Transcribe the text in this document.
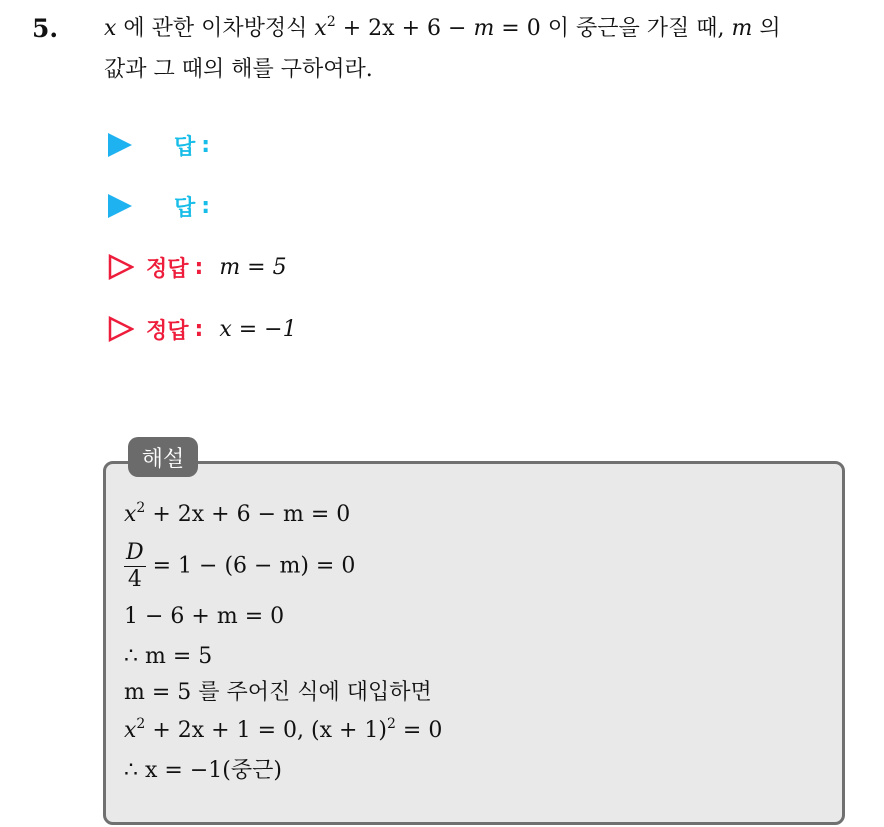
5. x 에 관한 이차방정식 $x^2 + 2x + 6 - m = 0$ 이 중근을 가질 때, m 의
값과 그 때의 해를 구하여라.
답 :
답 :
정답 : m = 5
정답 : x = −1
해설
$x^2 + 2x + 6 - m = 0$
$\frac{D}{4} = 1 - (6 - m) = 0$
1 − 6 + m = 0
∴ m = 5
m = 5 를 주어진 식에 대입하면
$x^2 + 2x + 1 = 0$, $(x + 1)^2 = 0$
∴ x = −1(중근)
